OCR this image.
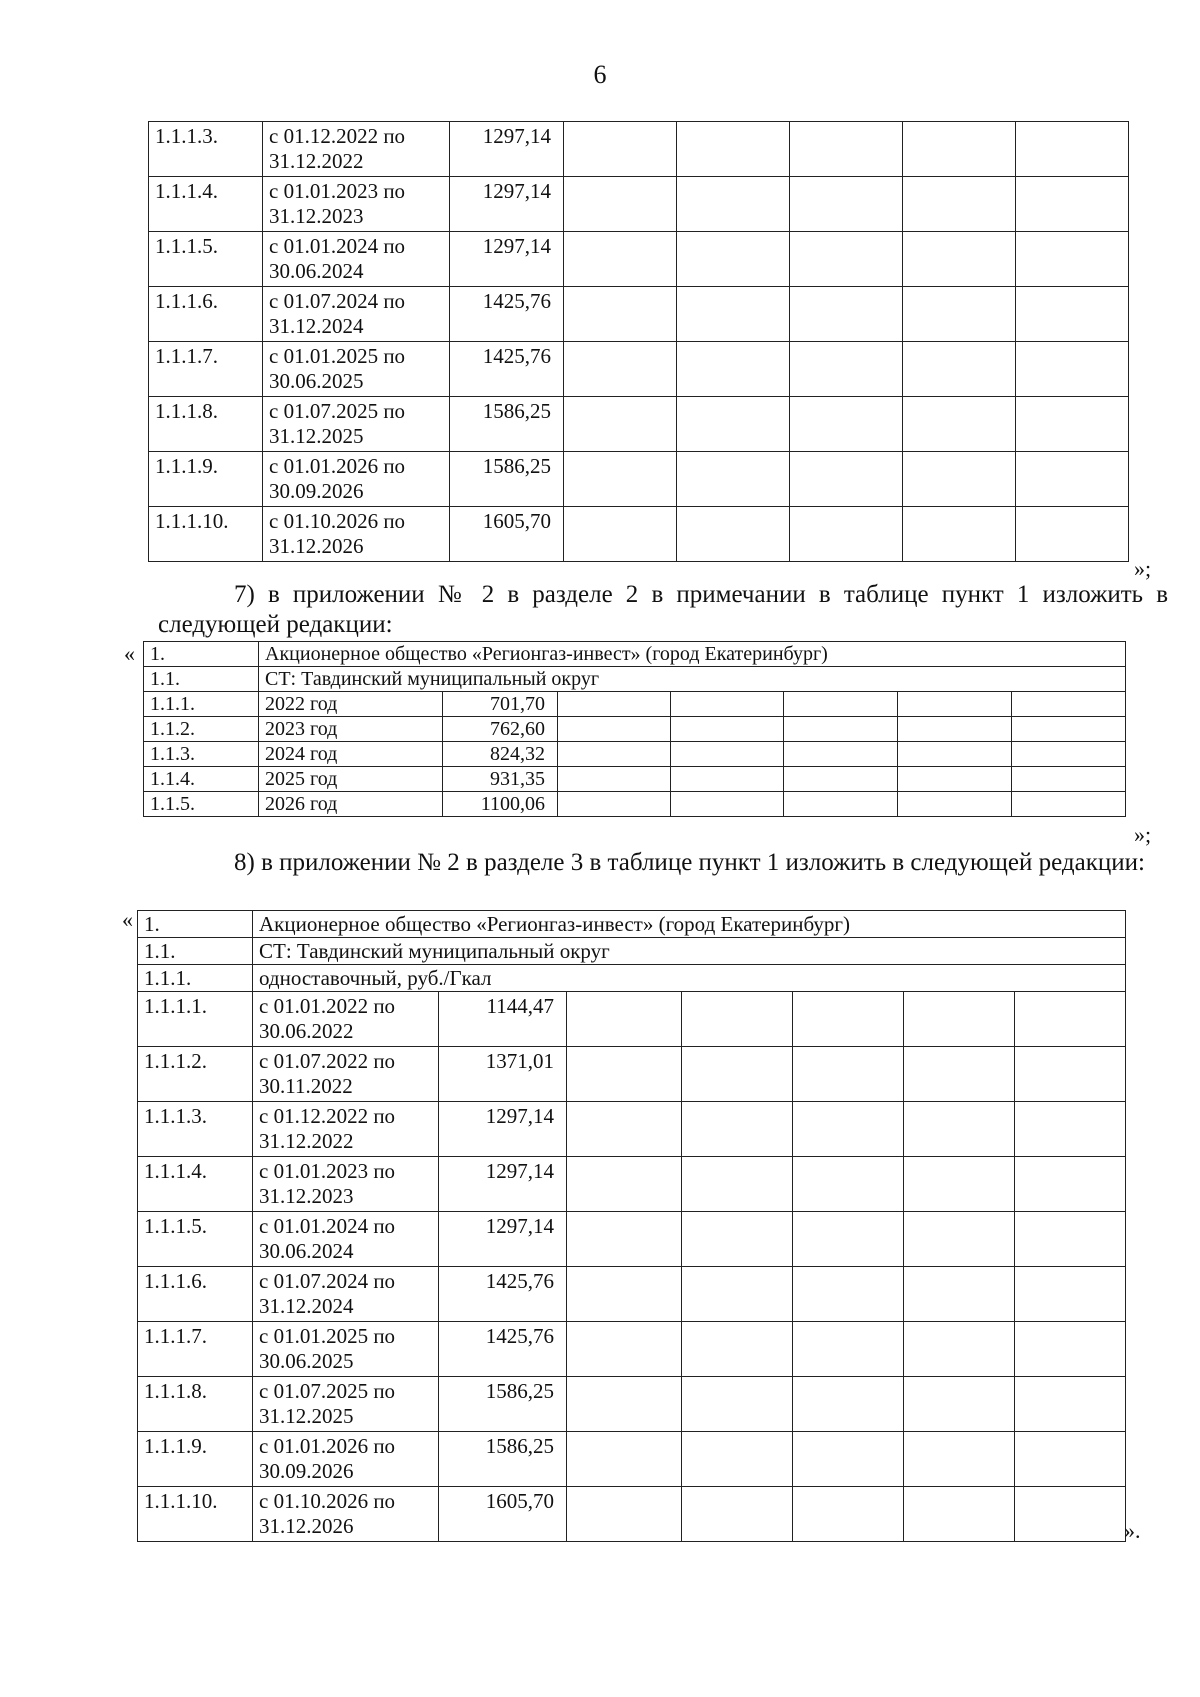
6
1.1.1.3.	с 01.12.2022 по 31.12.2022	1297,14					
1.1.1.4.	с 01.01.2023 по 31.12.2023	1297,14					
1.1.1.5.	с 01.01.2024 по 30.06.2024	1297,14					
1.1.1.6.	с 01.07.2024 по 31.12.2024	1425,76					
1.1.1.7.	с 01.01.2025 по 30.06.2025	1425,76					
1.1.1.8.	с 01.07.2025 по 31.12.2025	1586,25					
1.1.1.9.	с 01.01.2026 по 30.09.2026	1586,25					
1.1.1.10.	с 01.10.2026 по 31.12.2026	1605,70					
»;

7) в приложении № 2 в разделе 2 в примечании в таблице пункт 1 изложить в следующей редакции:

« 1.	Акционерное общество «Регионгаз-инвест» (город Екатеринбург)						
1.1.	СТ: Тавдинский муниципальный округ						
1.1.1.	2022 год	701,70					
1.1.2.	2023 год	762,60					
1.1.3.	2024 год	824,32					
1.1.4.	2025 год	931,35					
1.1.5.	2026 год	1100,06					
»;

8) в приложении № 2 в разделе 3 в таблице пункт 1 изложить в следующей редакции:

« 1.	Акционерное общество «Регионгаз-инвест» (город Екатеринбург)						
1.1.	СТ: Тавдинский муниципальный округ						
1.1.1.	одноставочный, руб./Гкал						
1.1.1.1.	с 01.01.2022 по 30.06.2022	1144,47					
1.1.1.2.	с 01.07.2022 по 30.11.2022	1371,01					
1.1.1.3.	с 01.12.2022 по 31.12.2022	1297,14					
1.1.1.4.	с 01.01.2023 по 31.12.2023	1297,14					
1.1.1.5.	с 01.01.2024 по 30.06.2024	1297,14					
1.1.1.6.	с 01.07.2024 по 31.12.2024	1425,76					
1.1.1.7.	с 01.01.2025 по 30.06.2025	1425,76					
1.1.1.8.	с 01.07.2025 по 31.12.2025	1586,25					
1.1.1.9.	с 01.01.2026 по 30.09.2026	1586,25					
1.1.1.10.	с 01.10.2026 по 31.12.2026	1605,70					
».
